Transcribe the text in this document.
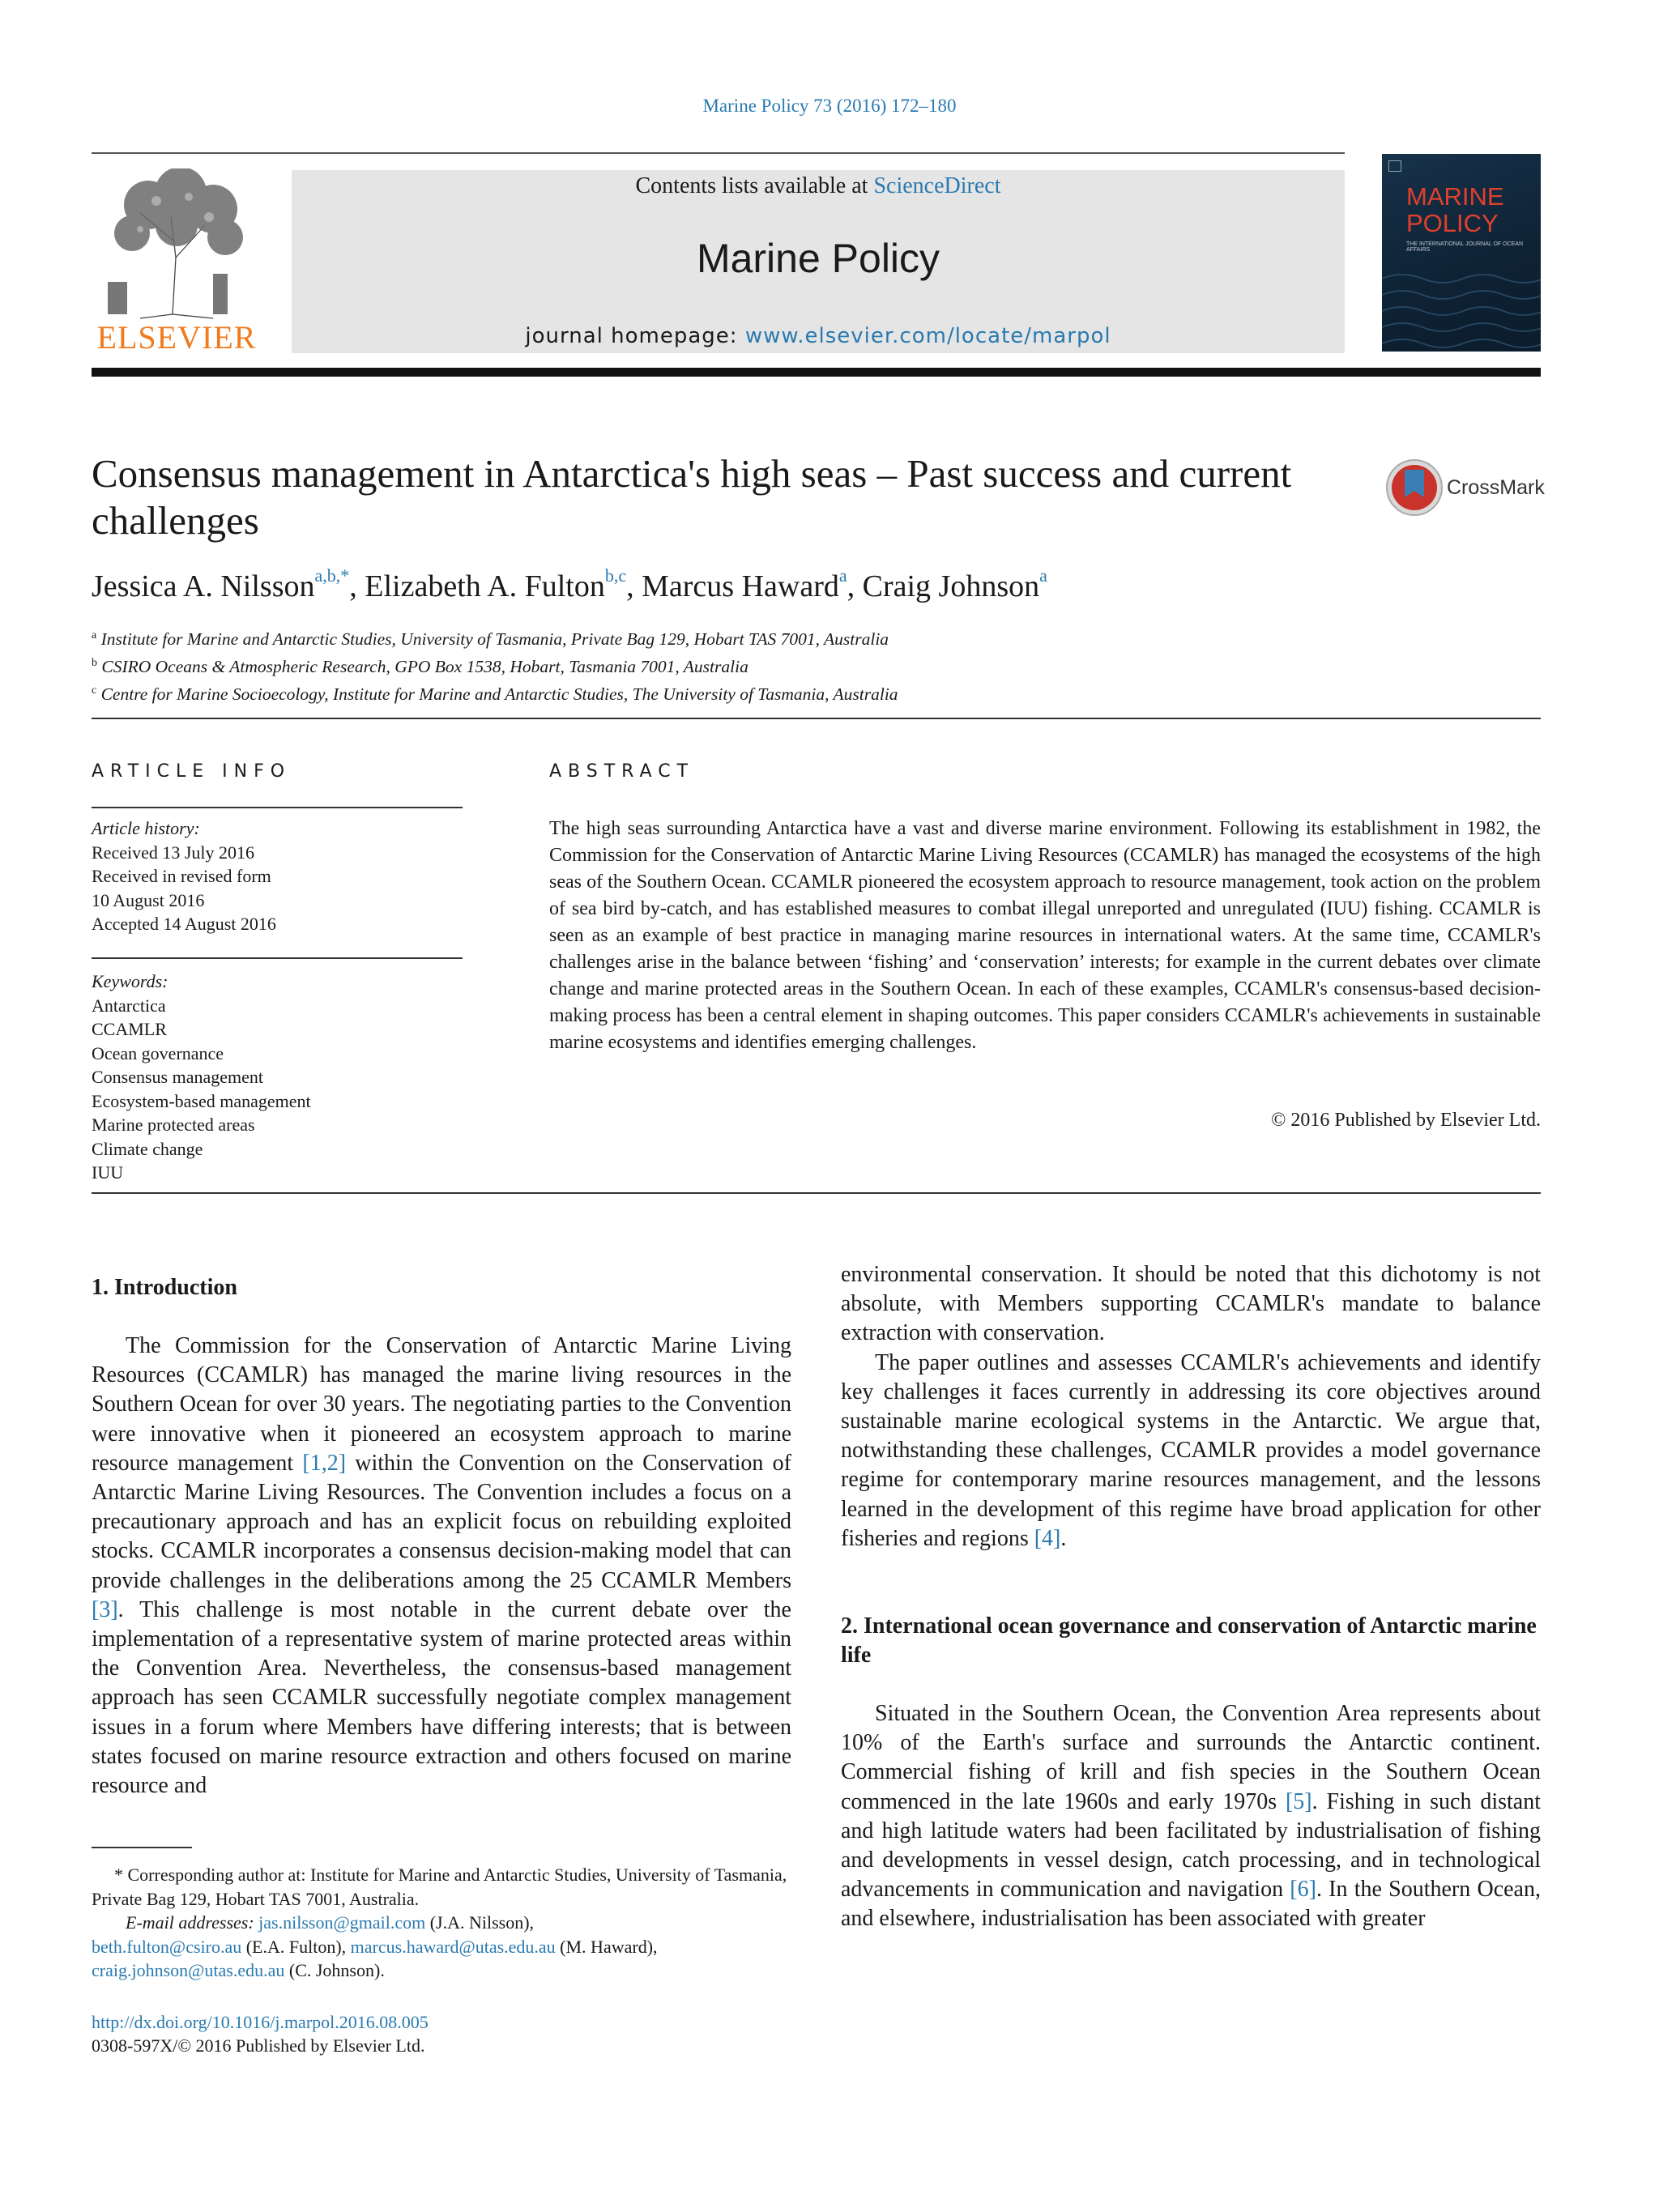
Marine Policy 73 (2016) 172–180
ELSEVIER
Contents lists available at ScienceDirect
Marine Policy
journal homepage: www.elsevier.com/locate/marpol
MARINE
POLICY
THE INTERNATIONAL JOURNAL OF OCEAN AFFAIRS
Consensus management in Antarctica's high seas – Past success and current challenges
CrossMark
Jessica A. Nilsson$^{a,b,*}$, Elizabeth A. Fulton$^{b,c}$, Marcus Haward$^a$, Craig Johnson$^a$
$^a$ Institute for Marine and Antarctic Studies, University of Tasmania, Private Bag 129, Hobart TAS 7001, Australia
$^b$ CSIRO Oceans & Atmospheric Research, GPO Box 1538, Hobart, Tasmania 7001, Australia
$^c$ Centre for Marine Socioecology, Institute for Marine and Antarctic Studies, The University of Tasmania, Australia
ARTICLE INFO	ABSTRACT
Article history:
Received 13 July 2016
Received in revised form
10 August 2016
Accepted 14 August 2016
Keywords:
Antarctica
CCAMLR
Ocean governance
Consensus management
Ecosystem-based management
Marine protected areas
Climate change
IUU
The high seas surrounding Antarctica have a vast and diverse marine environment. Following its establishment in 1982, the Commission for the Conservation of Antarctic Marine Living Resources (CCAMLR) has managed the ecosystems of the high seas of the Southern Ocean. CCAMLR pioneered the ecosystem approach to resource management, took action on the problem of sea bird by-catch, and has established measures to combat illegal unreported and unregulated (IUU) fishing. CCAMLR is seen as an example of best practice in managing marine resources in international waters. At the same time, CCAMLR's challenges arise in the balance between ‘fishing’ and ‘conservation’ interests; for example in the current debates over climate change and marine protected areas in the Southern Ocean. In each of these examples, CCAMLR's consensus-based decision-making process has been a central element in shaping outcomes. This paper considers CCAMLR's achievements in sustainable marine ecosystems and identifies emerging challenges.
© 2016 Published by Elsevier Ltd.
1. Introduction

The Commission for the Conservation of Antarctic Marine Living Resources (CCAMLR) has managed the marine living resources in the Southern Ocean for over 30 years. The negotiating parties to the Convention were innovative when it pioneered an ecosystem approach to marine resource management [1,2] within the Convention on the Conservation of Antarctic Marine Living Resources. The Convention includes a focus on a precautionary approach and has an explicit focus on rebuilding exploited stocks. CCAMLR incorporates a consensus decision-making model that can provide challenges in the deliberations among the 25 CCAMLR Members [3]. This challenge is most notable in the current debate over the implementation of a representative system of marine protected areas within the Convention Area. Nevertheless, the consensus-based management approach has seen CCAMLR successfully negotiate complex management issues in a forum where Members have differing interests; that is between states focused on marine resource extraction and others focused on marine resource and

environmental conservation. It should be noted that this dichotomy is not absolute, with Members supporting CCAMLR's mandate to balance extraction with conservation.

The paper outlines and assesses CCAMLR's achievements and identify key challenges it faces currently in addressing its core objectives around sustainable marine ecological systems in the Antarctic. We argue that, notwithstanding these challenges, CCAMLR provides a model governance regime for contemporary marine resources management, and the lessons learned in the development of this regime have broad application for other fisheries and regions [4].

2. International ocean governance and conservation of Antarctic marine life

Situated in the Southern Ocean, the Convention Area represents about 10% of the Earth's surface and surrounds the Antarctic continent. Commercial fishing of krill and fish species in the Southern Ocean commenced in the late 1960s and early 1970s [5]. Fishing in such distant and high latitude waters had been facilitated by industrialisation of fishing and developments in vessel design, catch processing, and in technological advancements in communication and navigation [6]. In the Southern Ocean, and elsewhere, industrialisation has been associated with greater

* Corresponding author at: Institute for Marine and Antarctic Studies, University of Tasmania, Private Bag 129, Hobart TAS 7001, Australia.
E-mail addresses: jas.nilsson@gmail.com (J.A. Nilsson),
beth.fulton@csiro.au (E.A. Fulton), marcus.haward@utas.edu.au (M. Haward),
craig.johnson@utas.edu.au (C. Johnson).
http://dx.doi.org/10.1016/j.marpol.2016.08.005
0308-597X/© 2016 Published by Elsevier Ltd.
